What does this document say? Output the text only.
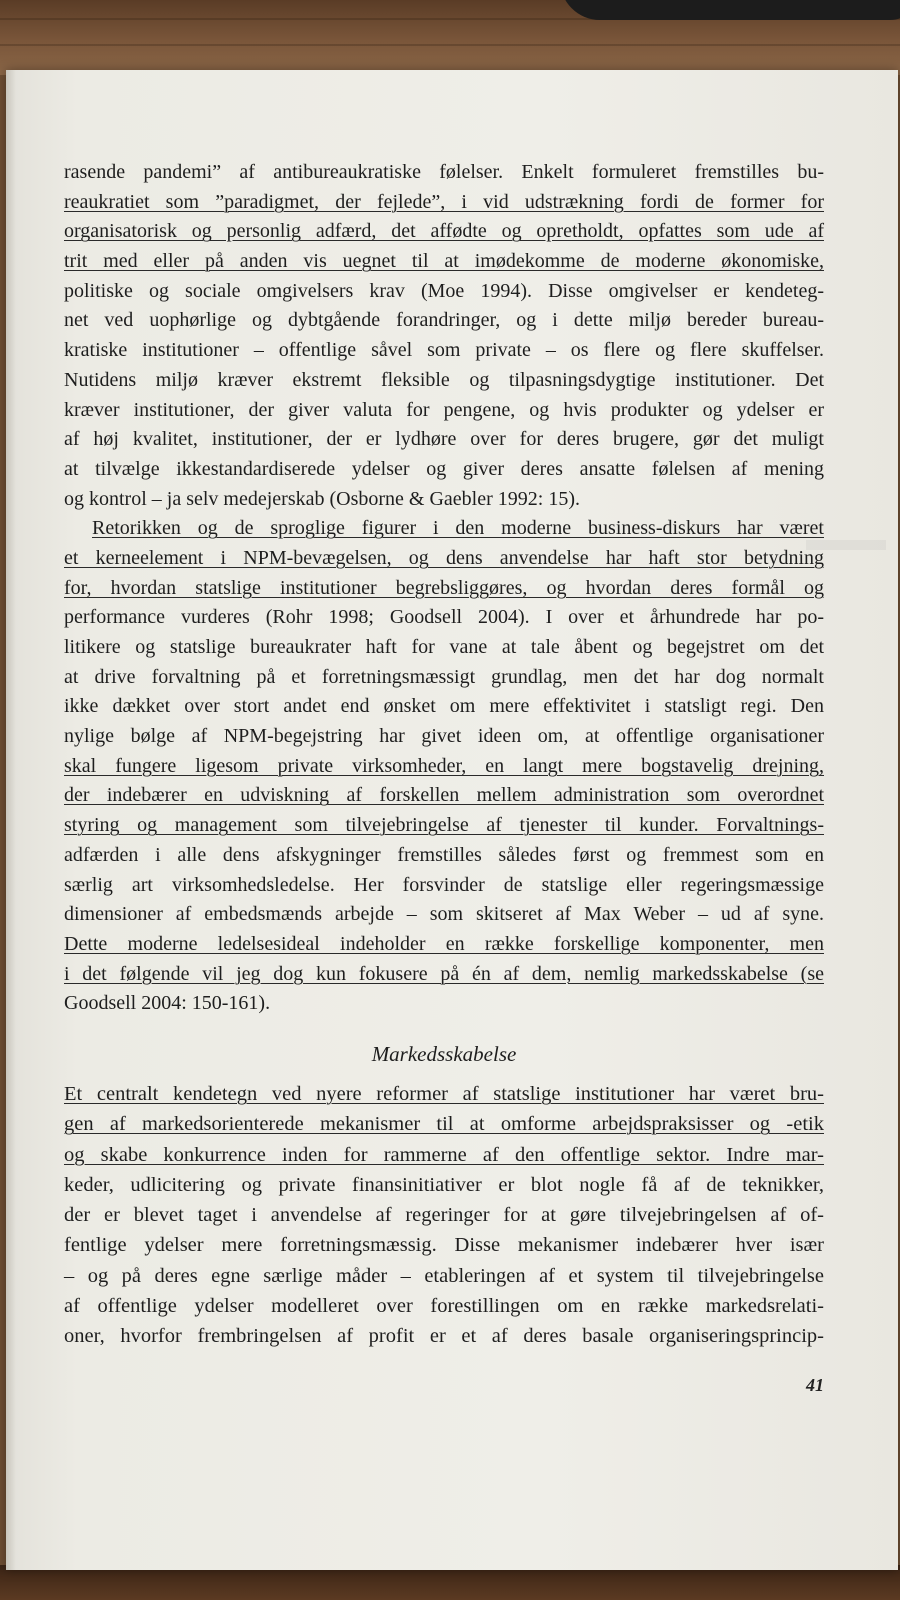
rasende pandemi” af antibureaukratiske følelser. Enkelt formuleret fremstilles bu-
reaukratiet som ”paradigmet, der fejlede”, i vid udstrækning fordi de former for
organisatorisk og personlig adfærd, det affødte og opretholdt, opfattes som ude af
trit med eller på anden vis uegnet til at imødekomme de moderne økonomiske,
politiske og sociale omgivelsers krav (Moe 1994). Disse omgivelser er kendeteg-
net ved uophørlige og dybtgående forandringer, og i dette miljø bereder bureau-
kratiske institutioner – offentlige såvel som private – os flere og flere skuffelser.
Nutidens miljø kræver ekstremt fleksible og tilpasningsdygtige institutioner. Det
kræver institutioner, der giver valuta for pengene, og hvis produkter og ydelser er
af høj kvalitet, institutioner, der er lydhøre over for deres brugere, gør det muligt
at tilvælge ikkestandardiserede ydelser og giver deres ansatte følelsen af mening
og kontrol – ja selv medejerskab (Osborne & Gaebler 1992: 15).
Retorikken og de sproglige figurer i den moderne business-diskurs har været
et kerneelement i NPM-bevægelsen, og dens anvendelse har haft stor betydning
for, hvordan statslige institutioner begrebsliggøres, og hvordan deres formål og
performance vurderes (Rohr 1998; Goodsell 2004). I over et århundrede har po-
litikere og statslige bureaukrater haft for vane at tale åbent og begejstret om det
at drive forvaltning på et forretningsmæssigt grundlag, men det har dog normalt
ikke dækket over stort andet end ønsket om mere effektivitet i statsligt regi. Den
nylige bølge af NPM-begejstring har givet ideen om, at offentlige organisationer
skal fungere ligesom private virksomheder, en langt mere bogstavelig drejning,
der indebærer en udviskning af forskellen mellem administration som overordnet
styring og management som tilvejebringelse af tjenester til kunder. Forvaltnings-
adfærden i alle dens afskygninger fremstilles således først og fremmest som en
særlig art virksomhedsledelse. Her forsvinder de statslige eller regeringsmæssige
dimensioner af embedsmænds arbejde – som skitseret af Max Weber – ud af syne.
Dette moderne ledelsesideal indeholder en række forskellige komponenter, men
i det følgende vil jeg dog kun fokusere på én af dem, nemlig markedsskabelse (se
Goodsell 2004: 150-161).
Markedsskabelse
Et centralt kendetegn ved nyere reformer af statslige institutioner har været bru-
gen af markedsorienterede mekanismer til at omforme arbejdspraksisser og -etik
og skabe konkurrence inden for rammerne af den offentlige sektor. Indre mar-
keder, udlicitering og private finansinitiativer er blot nogle få af de teknikker,
der er blevet taget i anvendelse af regeringer for at gøre tilvejebringelsen af of-
fentlige ydelser mere forretningsmæssig. Disse mekanismer indebærer hver især
– og på deres egne særlige måder – etableringen af et system til tilvejebringelse
af offentlige ydelser modelleret over forestillingen om en række markedsrelati-
oner, hvorfor frembringelsen af profit er et af deres basale organiseringsprincip-
41
